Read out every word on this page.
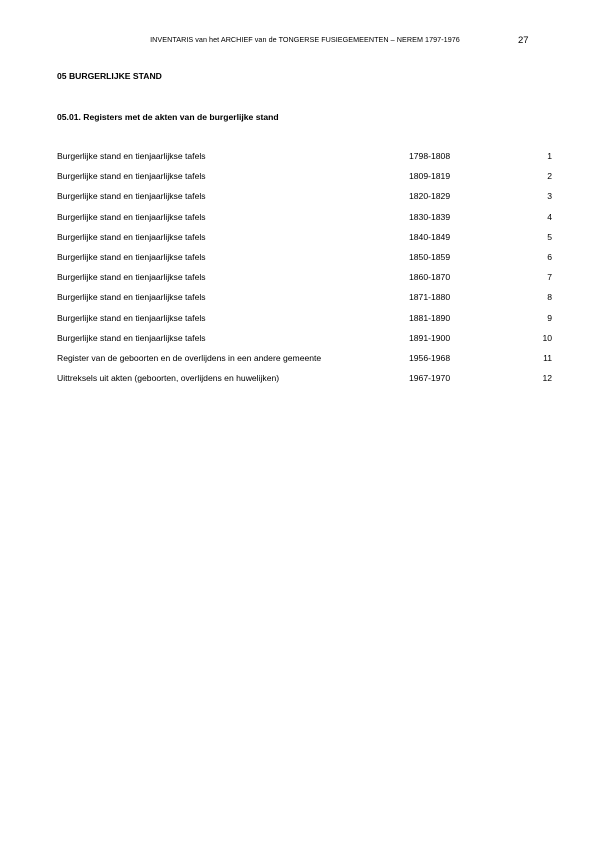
INVENTARIS van het ARCHIEF van de TONGERSE FUSIEGEMEENTEN – NEREM 1797-1976	27
05 BURGERLIJKE STAND
05.01. Registers met de akten van de burgerlijke stand
Burgerlijke stand en tienjaarlijkse tafels	1798-1808	1
Burgerlijke stand en tienjaarlijkse tafels	1809-1819	2
Burgerlijke stand en tienjaarlijkse tafels	1820-1829	3
Burgerlijke stand en tienjaarlijkse tafels	1830-1839	4
Burgerlijke stand en tienjaarlijkse tafels	1840-1849	5
Burgerlijke stand en tienjaarlijkse tafels	1850-1859	6
Burgerlijke stand en tienjaarlijkse tafels	1860-1870	7
Burgerlijke stand en tienjaarlijkse tafels	1871-1880	8
Burgerlijke stand en tienjaarlijkse tafels	1881-1890	9
Burgerlijke stand en tienjaarlijkse tafels	1891-1900	10
Register van de geboorten en de overlijdens in een andere gemeente	1956-1968	11
Uittreksels uit akten (geboorten, overlijdens en huwelijken)	1967-1970	12
